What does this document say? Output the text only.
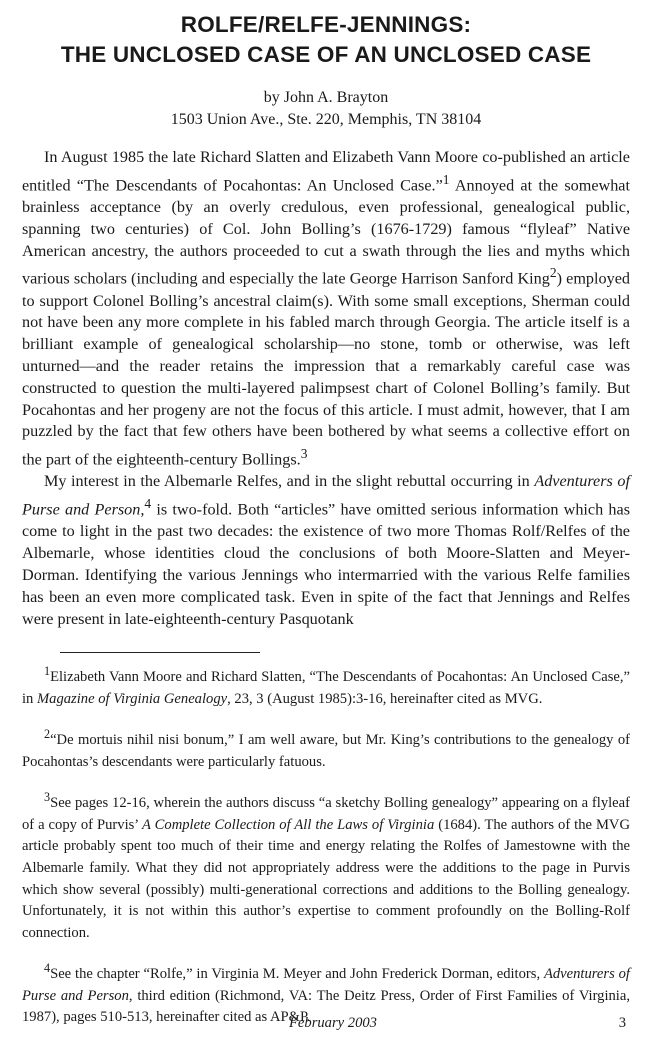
ROLFE/RELFE-JENNINGS:
THE UNCLOSED CASE OF AN UNCLOSED CASE
by John A. Brayton
1503 Union Ave., Ste. 220, Memphis, TN 38104

In August 1985 the late Richard Slatten and Elizabeth Vann Moore co-published an article entitled “The Descendants of Pocahontas: An Unclosed Case.”$^1$ Annoyed at the somewhat brainless acceptance (by an overly credulous, even professional, genealogical public, spanning two centuries) of Col. John Bolling’s (1676-1729) famous “flyleaf” Native American ancestry, the authors proceeded to cut a swath through the lies and myths which various scholars (including and especially the late George Harrison Sanford King$^2$) employed to support Colonel Bolling’s ancestral claim(s). With some small exceptions, Sherman could not have been any more complete in his fabled march through Georgia. The article itself is a brilliant example of genealogical scholarship—no stone, tomb or otherwise, was left unturned—and the reader retains the impression that a remarkably careful case was constructed to question the multi-layered palimpsest chart of Colonel Bolling’s family. But Pocahontas and her progeny are not the focus of this article. I must admit, however, that I am puzzled by the fact that few others have been bothered by what seems a collective effort on the part of the eighteenth-century Bollings.$^3$

My interest in the Albemarle Relfes, and in the slight rebuttal occurring in Adventurers of Purse and Person,$^4$ is two-fold. Both “articles” have omitted serious information which has come to light in the past two decades: the existence of two more Thomas Rolf/Relfes of the Albemarle, whose identities cloud the conclusions of both Moore-Slatten and Meyer-Dorman. Identifying the various Jennings who intermarried with the various Relfe families has been an even more complicated task. Even in spite of the fact that Jennings and Relfes were present in late-eighteenth-century Pasquotank

$^1$Elizabeth Vann Moore and Richard Slatten, “The Descendants of Pocahontas: An Unclosed Case,” in Magazine of Virginia Genealogy, 23, 3 (August 1985):3-16, hereinafter cited as MVG.

$^2$“De mortuis nihil nisi bonum,” I am well aware, but Mr. King’s contributions to the genealogy of Pocahontas’s descendants were particularly fatuous.

$^3$See pages 12-16, wherein the authors discuss “a sketchy Bolling genealogy” appearing on a flyleaf of a copy of Purvis’ A Complete Collection of All the Laws of Virginia (1684). The authors of the MVG article probably spent too much of their time and energy relating the Rolfes of Jamestowne with the Albemarle family. What they did not appropriately address were the additions to the page in Purvis which show several (possibly) multi-generational corrections and additions to the Bolling genealogy. Unfortunately, it is not within this author’s expertise to comment profoundly on the Bolling-Rolf connection.

$^4$See the chapter “Rolfe,” in Virginia M. Meyer and John Frederick Dorman, editors, Adventurers of Purse and Person, third edition (Richmond, VA: The Deitz Press, Order of First Families of Virginia, 1987), pages 510-513, hereinafter cited as AP&P.

February 2003	3
